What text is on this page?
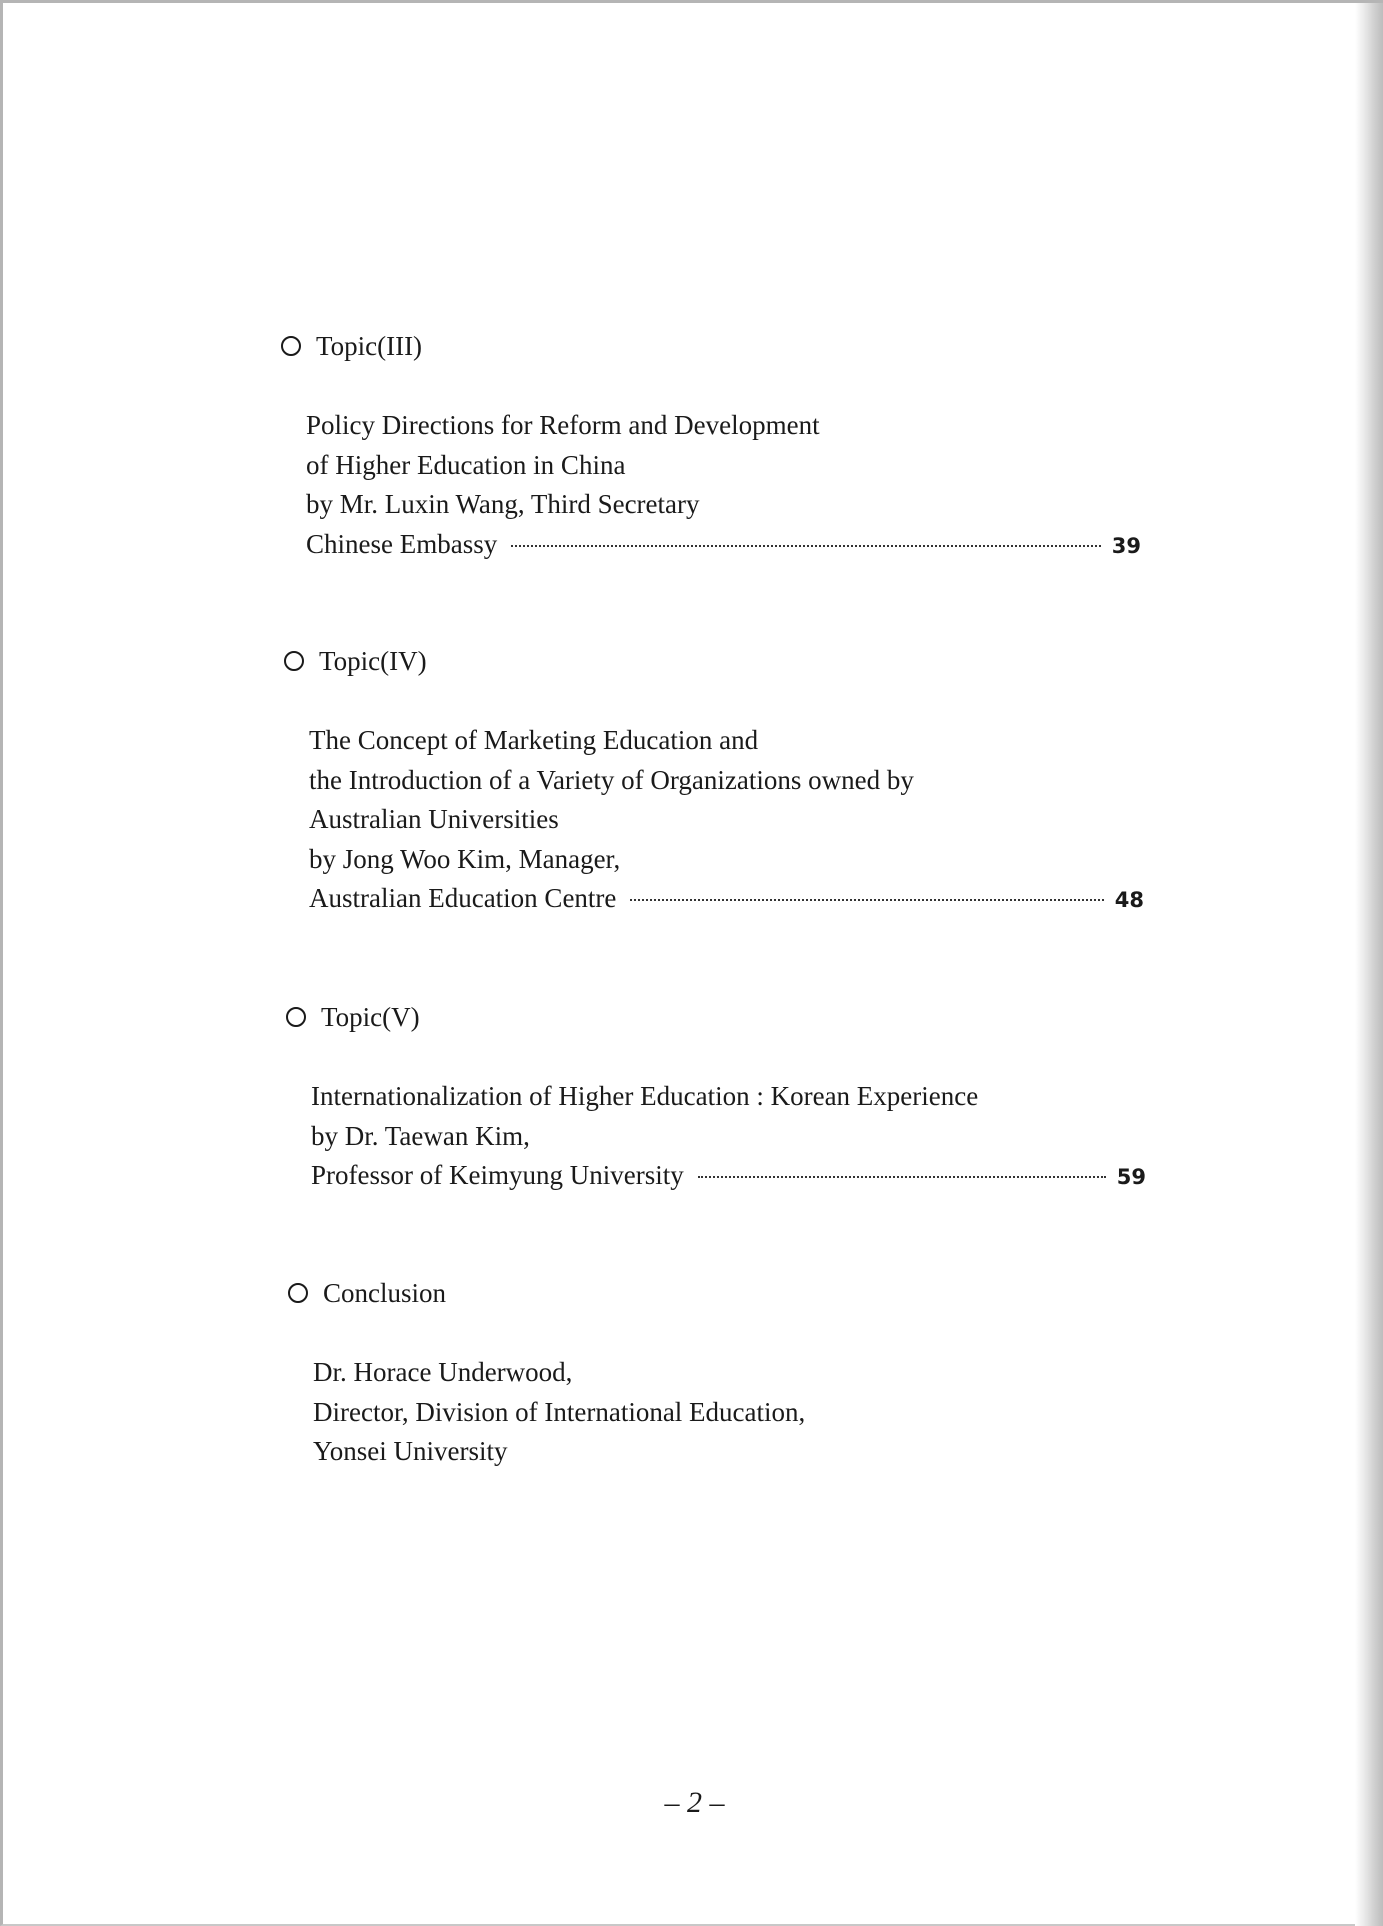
Topic(III)
Policy Directions for Reform and Development
of Higher Education in China
by Mr. Luxin Wang, Third Secretary
Chinese Embassy	39
Topic(IV)
The Concept of Marketing Education and
the Introduction of a Variety of Organizations owned by
Australian Universities
by Jong Woo Kim, Manager,
Australian Education Centre	48
Topic(V)
Internationalization of Higher Education : Korean Experience
by Dr. Taewan Kim,
Professor of Keimyung University	59
Conclusion
Dr. Horace Underwood,
Director, Division of International Education,
Yonsei University
– 2 –
